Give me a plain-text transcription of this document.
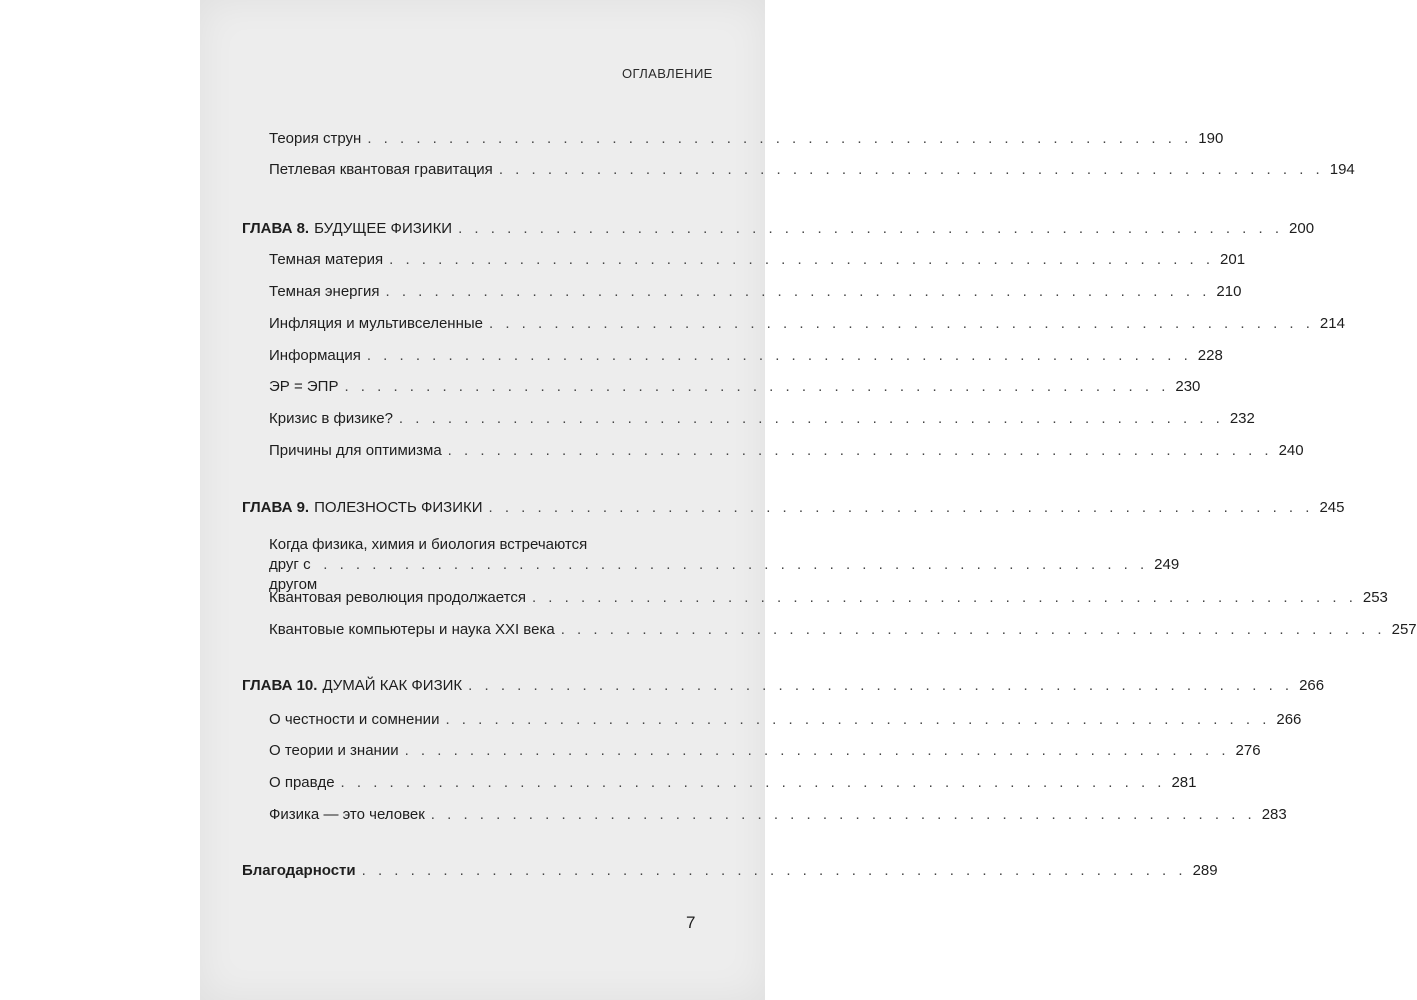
ОГЛАВЛЕНИЕ
Теория струн . . . . . . . . . . . . . . . . . . . . . . . . . . . . . . . . . . . . . . . . . . . . . . . . . . . 190
Петлевая квантовая гравитация . . . . . . . . . . . . . . . . . . . . . . . . . . . . . . . . . . . . . . . . . . . . . . . . . . . 194
ГЛАВА 8. БУДУЩЕЕ ФИЗИКИ . . . . . . . . . . . . . . . . . . . . . . . . . . . . . . . . . . . . . . . . . . . . . . . . . . . 200
Темная материя . . . . . . . . . . . . . . . . . . . . . . . . . . . . . . . . . . . . . . . . . . . . . . . . . . . 201
Темная энергия . . . . . . . . . . . . . . . . . . . . . . . . . . . . . . . . . . . . . . . . . . . . . . . . . . . 210
Инфляция и мультивселенные . . . . . . . . . . . . . . . . . . . . . . . . . . . . . . . . . . . . . . . . . . . . . . . . . . . 214
Информация . . . . . . . . . . . . . . . . . . . . . . . . . . . . . . . . . . . . . . . . . . . . . . . . . . . 228
ЭР = ЭПР . . . . . . . . . . . . . . . . . . . . . . . . . . . . . . . . . . . . . . . . . . . . . . . . . . . 230
Кризис в физике? . . . . . . . . . . . . . . . . . . . . . . . . . . . . . . . . . . . . . . . . . . . . . . . . . . . 232
Причины для оптимизма . . . . . . . . . . . . . . . . . . . . . . . . . . . . . . . . . . . . . . . . . . . . . . . . . . . 240
ГЛАВА 9. ПОЛЕЗНОСТЬ ФИЗИКИ . . . . . . . . . . . . . . . . . . . . . . . . . . . . . . . . . . . . . . . . . . . . . . . . . . . 245
Когда физика, химия и биология встречаются
друг с другом
. . . . . . . . . . . . . . . . . . . . . . . . . . . . . . . . . . . . . . . . . . . . . . . . . . . 249
Квантовая революция продолжается . . . . . . . . . . . . . . . . . . . . . . . . . . . . . . . . . . . . . . . . . . . . . . . . . . . 253
Квантовые компьютеры и наука XXI века . . . . . . . . . . . . . . . . . . . . . . . . . . . . . . . . . . . . . . . . . . . . . . . . . . . 257
ГЛАВА 10. ДУМАЙ КАК ФИЗИК . . . . . . . . . . . . . . . . . . . . . . . . . . . . . . . . . . . . . . . . . . . . . . . . . . . 266
О честности и сомнении . . . . . . . . . . . . . . . . . . . . . . . . . . . . . . . . . . . . . . . . . . . . . . . . . . . 266
О теории и знании . . . . . . . . . . . . . . . . . . . . . . . . . . . . . . . . . . . . . . . . . . . . . . . . . . . 276
О правде . . . . . . . . . . . . . . . . . . . . . . . . . . . . . . . . . . . . . . . . . . . . . . . . . . . 281
Физика — это человек . . . . . . . . . . . . . . . . . . . . . . . . . . . . . . . . . . . . . . . . . . . . . . . . . . . 283
Благодарности . . . . . . . . . . . . . . . . . . . . . . . . . . . . . . . . . . . . . . . . . . . . . . . . . . . 289
7
